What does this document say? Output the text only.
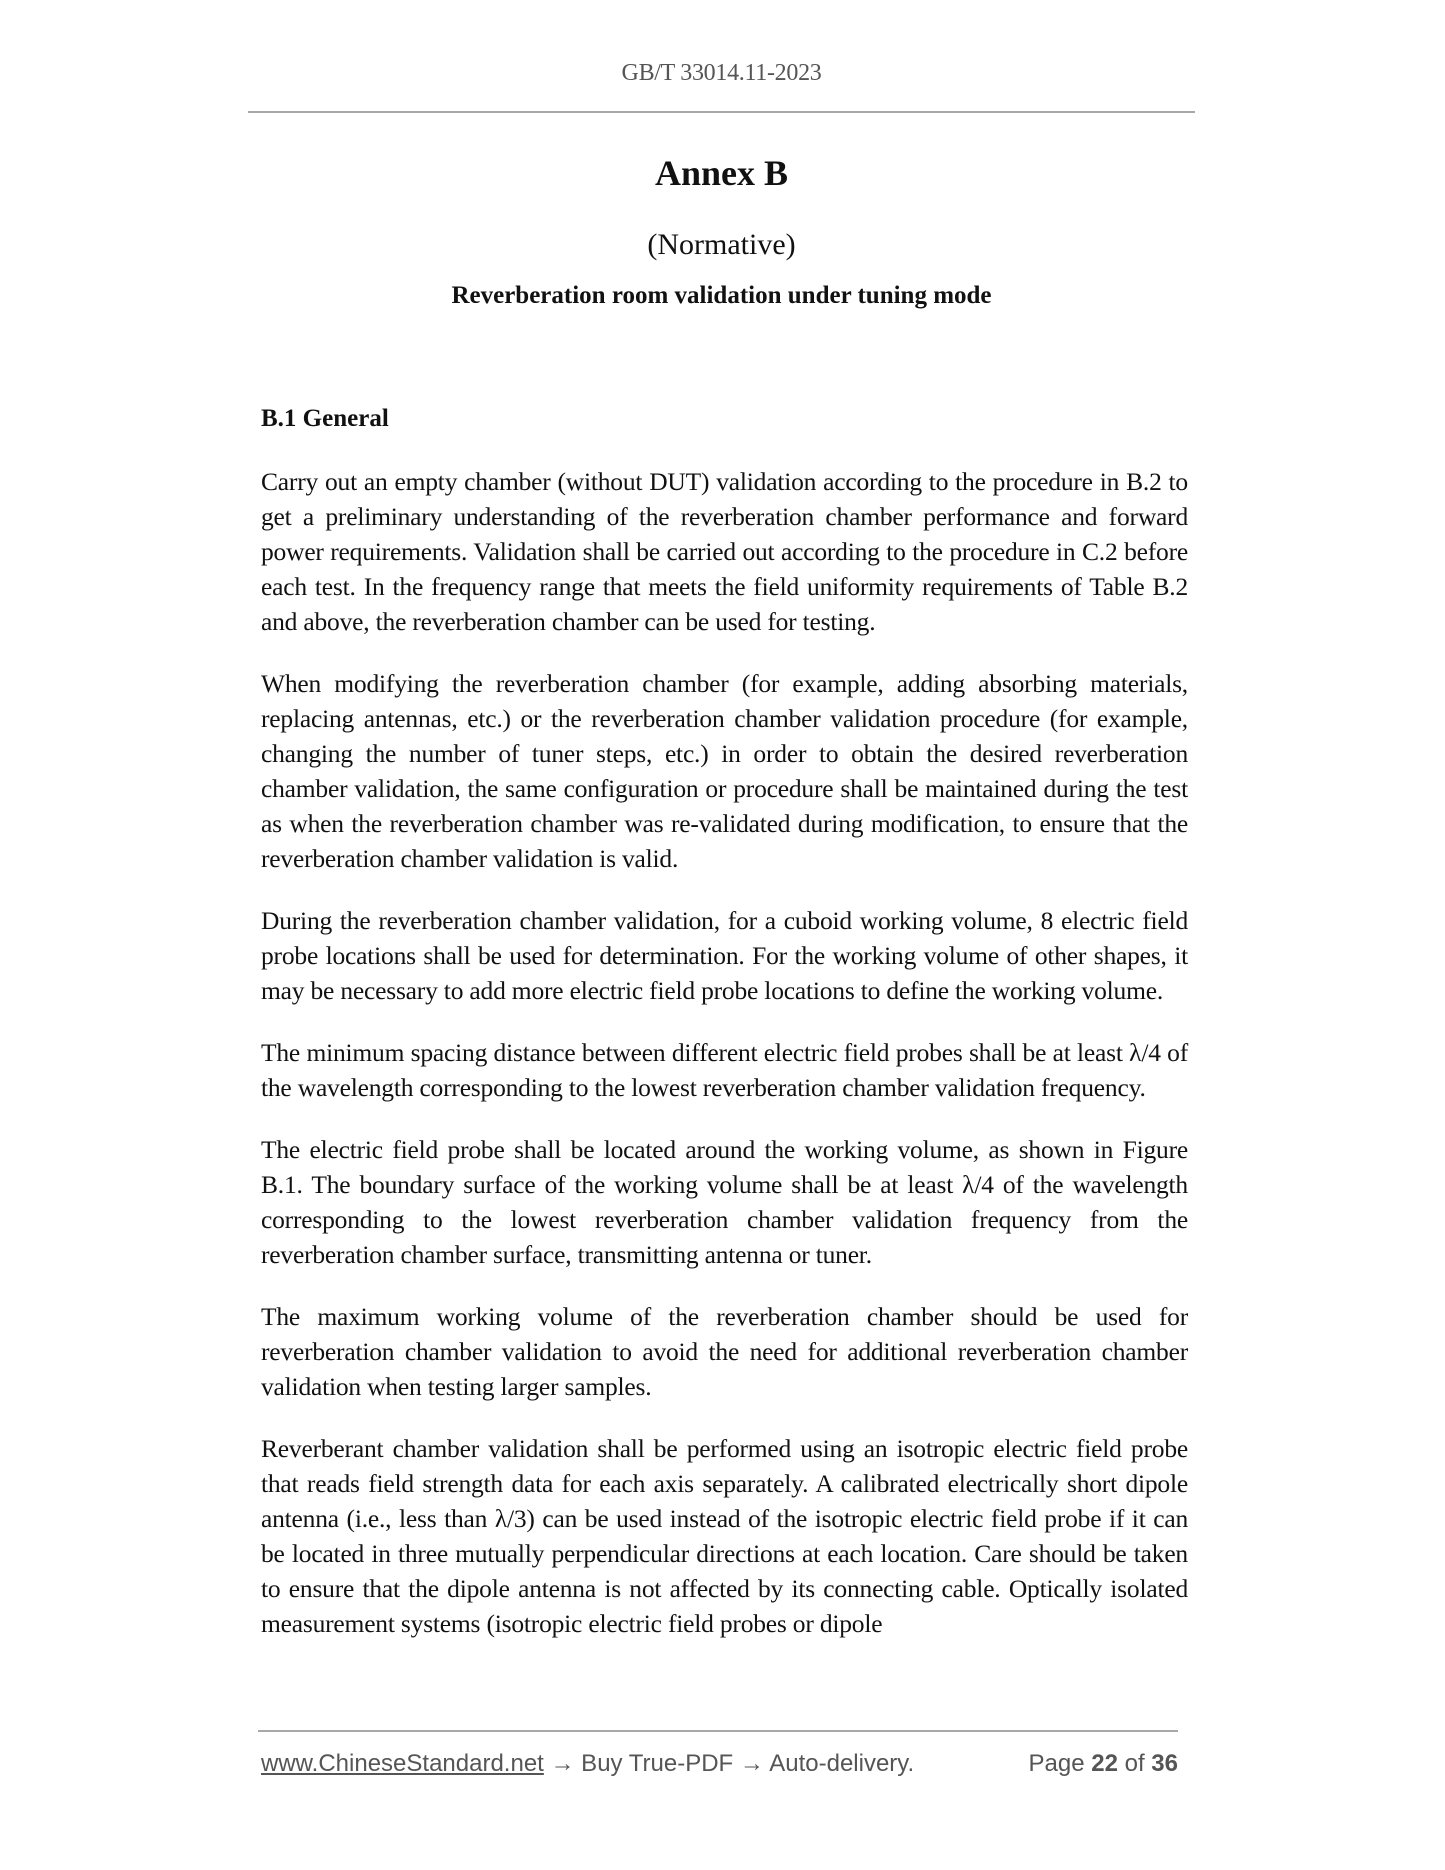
GB/T 33014.11-2023
Annex B
(Normative)
Reverberation room validation under tuning mode
B.1 General

Carry out an empty chamber (without DUT) validation according to the procedure in B.2 to get a preliminary understanding of the reverberation chamber performance and forward power requirements. Validation shall be carried out according to the procedure in C.2 before each test. In the frequency range that meets the field uniformity requirements of Table B.2 and above, the reverberation chamber can be used for testing.

When modifying the reverberation chamber (for example, adding absorbing materials, replacing antennas, etc.) or the reverberation chamber validation procedure (for example, changing the number of tuner steps, etc.) in order to obtain the desired reverberation chamber validation, the same configuration or procedure shall be maintained during the test as when the reverberation chamber was re-validated during modification, to ensure that the reverberation chamber validation is valid.

During the reverberation chamber validation, for a cuboid working volume, 8 electric field probe locations shall be used for determination. For the working volume of other shapes, it may be necessary to add more electric field probe locations to define the working volume.

The minimum spacing distance between different electric field probes shall be at least λ/4 of the wavelength corresponding to the lowest reverberation chamber validation frequency.

The electric field probe shall be located around the working volume, as shown in Figure B.1. The boundary surface of the working volume shall be at least λ/4 of the wavelength corresponding to the lowest reverberation chamber validation frequency from the reverberation chamber surface, transmitting antenna or tuner.

The maximum working volume of the reverberation chamber should be used for reverberation chamber validation to avoid the need for additional reverberation chamber validation when testing larger samples.

Reverberant chamber validation shall be performed using an isotropic electric field probe that reads field strength data for each axis separately. A calibrated electrically short dipole antenna (i.e., less than λ/3) can be used instead of the isotropic electric field probe if it can be located in three mutually perpendicular directions at each location. Care should be taken to ensure that the dipole antenna is not affected by its connecting cable. Optically isolated measurement systems (isotropic electric field probes or dipole

www.ChineseStandard.net → Buy True-PDF → Auto-delivery.	Page 22 of 36
